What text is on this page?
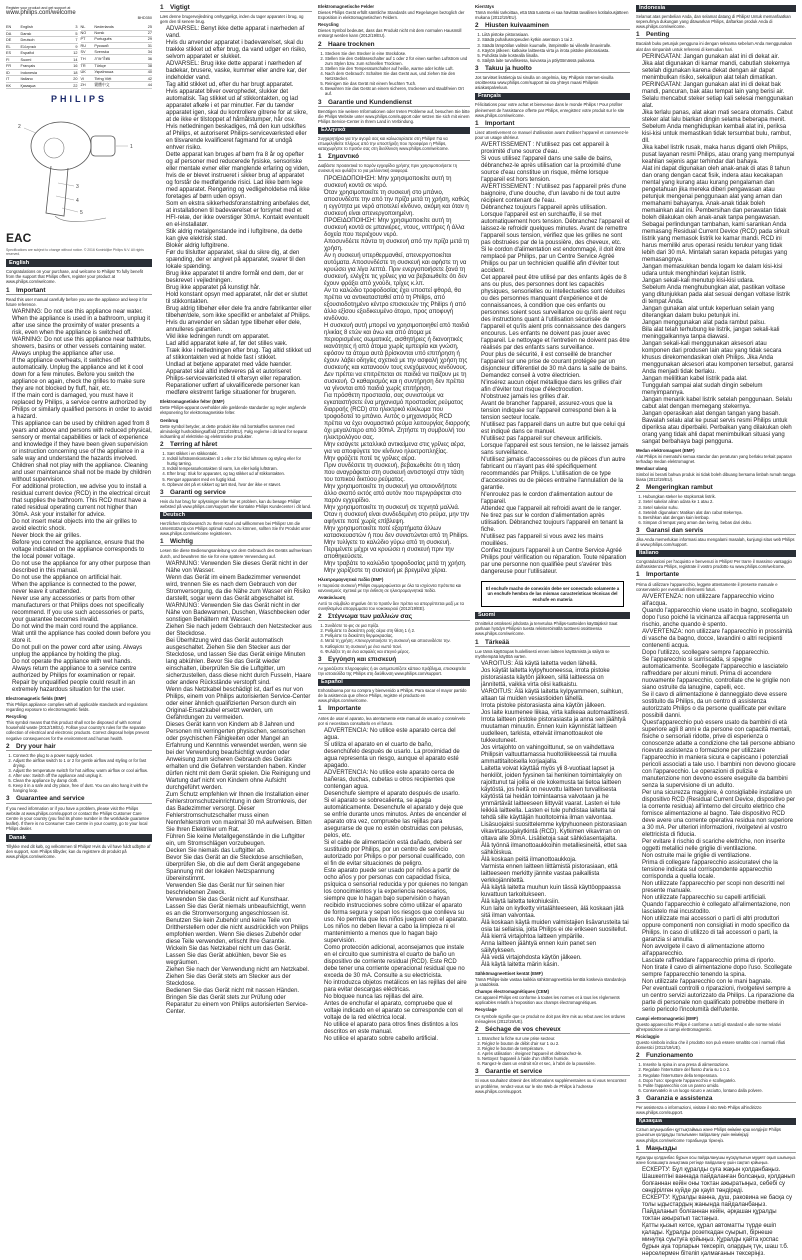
Register your product and get support at
www.philips.com/welcome
BHD350
EN	English	3
DA	Dansk	5
DE	Deutsch	7
EL	Ελληνικά	9
ES	Español	12
FI	Suomi	14
FR	Français	16
ID	Indonesia	18
IT	Italiano	20
KK	Қазақша	22
NL	Nederlands	25
NO	Norsk	27
PT	Português	29
RU	Русский	31
SV	Svenska	34
TH	ภาษาไทย	36
TR	Türkçe	38
UK	Українська	40
VI	Tiếng Việt	42
ZH	繁體中文	44
PHILIPS
1
2
3
4
5
EAC
Specifications are subject to change without notice. © 2016 Koninklijke Philips N.V. All rights reserved.
English

Congratulations on your purchase, and welcome to Philips! To fully benefit from the support that Philips offers, register your product at www.philips.com/welcome.

1 Important

Read this user manual carefully before you use the appliance and keep it for future reference.

• WARNING: Do not use this appliance near water.
• When the appliance is used in a bathroom, unplug it after use since the proximity of water presents a risk, even when the appliance is switched off.
• WARNING: Do not use this appliance near bathtubs, showers, basins or other vessels containing water.
• Always unplug the appliance after use.
• If the appliance overheats, it switches off automatically. Unplug the appliance and let it cool down for a few minutes. Before you switch the appliance on again, check the grilles to make sure they are not blocked by fluff, hair, etc.
• If the main cord is damaged, you must have it replaced by Philips, a service centre authorized by Philips or similarly qualified persons in order to avoid a hazard.
• This appliance can be used by children aged from 8 years and above and persons with reduced physical, sensory or mental capabilities or lack of experience and knowledge if they have been given supervision or instruction concerning use of the appliance in a safe way and understand the hazards involved. Children shall not play with the appliance. Cleaning and user maintenance shall not be made by children without supervision.
• For additional protection, we advise you to install a residual current device (RCD) in the electrical circuit that supplies the bathroom. This RCD must have a rated residual operating current not higher than 30mA. Ask your installer for advice.
• Do not insert metal objects into the air grilles to avoid electric shock.
• Never block the air grilles.
• Before you connect the appliance, ensure that the voltage indicated on the appliance corresponds to the local power voltage.
• Do not use the appliance for any other purpose than described in this manual.
• Do not use the appliance on artificial hair.
• When the appliance is connected to the power, never leave it unattended.
• Never use any accessories or parts from other manufacturers or that Philips does not specifically recommend. If you use such accessories or parts, your guarantee becomes invalid.
• Do not wind the main cord round the appliance.
• Wait until the appliance has cooled down before you store it.
• Do not pull on the power cord after using. Always unplug the appliance by holding the plug.
• Do not operate the appliance with wet hands.
• Always return the appliance to a service centre authorized by Philips for examination or repair. Repair by unqualified people could result in an extremely hazardous situation for the user.
Electromagnetic fields (EMF)

This Philips appliance complies with all applicable standards and regulations regarding exposure to electromagnetic fields.

Recycling

This symbol means that this product shall not be disposed of with normal household waste (2012/19/EU). Follow your country's rules for the separate collection of electrical and electronic products. Correct disposal helps prevent negative consequences for the environment and human health.

2 Dry your hair
1. Connect the plug to a power supply socket.
2. Adjust the airflow switch to 1 or 2 for gentle airflow and styling or for fast drying.
3. Adjust the temperature switch for hot airflow, warm airflow or cool airflow.
4. After use: Switch off the appliance and unplug it.
5. Clean the appliance by damp cloth.
6. Keep it in a safe and dry place, free of dust. You can also hang it with the hanging loop.
3 Guarantee and service

If you need information or if you have a problem, please visit the Philips website at www.philips.com/support or contact the Philips Customer Care Centre in your country (you find its phone number in the worldwide guarantee leaflet). If there is no Consumer Care Centre in your country, go to your local Philips dealer.

Dansk

Tillykke med dit køb, og velkommen til Philips! Hvis du vil have fuldt udbytte af den support, som Philips tilbyder, kan du registrere dit produkt på www.philips.com/welcome.

1 Vigtigt

Læs denne brugervejledning omhyggeligt, inden du tager apparatet i brug, og gem den til senere brug.

• ADVARSEL: Benyt ikke dette apparat i nærheden af vand.
• Hvis du anvender apparatet i badeværelset, skal du trække stikket ud efter brug, da vand udgør en risiko, selvom apparatet er slukket.
• ADVARSEL: Brug ikke dette apparat i nærheden af badekar, brusere, vaske, kummer eller andre kar, der indeholder vand.
• Tag altid stikket ud, efter du har brugt apparatet.
• Hvis apparatet bliver overophedet, slukker det automatisk. Tag stikket ud af stikkontakten, og lad apparatet afkøle i et par minutter. Før du tænder apparatet igen, skal du kontrollere gitrene for at sikre, at de ikke er tilstoppet af hårnålstumper, hår osv.
• Hvis netledningen beskadiges, må den kun udskiftes af Philips, et autoriseret Philips-serviceværksted eller en tilsvarende kvalificeret fagmand for at undgå enhver risiko.
• Dette apparat kan bruges af børn fra 8 år og opefter og af personer med reducerede fysiske, sensoriske eller mentale evner eller manglende erfaring og viden, hvis de er blevet instrueret i sikker brug af apparatet og forstår de medfølgende risici. Lad ikke børn lege med apparatet. Rengøring og vedligeholdelse må ikke foretages af børn uden opsyn.
• Som en ekstra sikkerhedsforanstaltning anbefales det, at installationen til badeværelset er forsynet med et HFI-relæ, der ikke overstiger 30mA. Kontakt eventuelt en el-installatør.
• Stik aldrig metalgenstande ind i luftgitrene, da dette kan give elektrisk stød.
• Blokér aldrig luftgitrene.
• Før du tilslutter apparatet, skal du sikre dig, at den spænding, der er angivet på apparatet, svarer til den lokale spænding.
• Brug ikke apparatet til andre formål end dem, der er beskrevet i vejledningen.
• Brug ikke apparatet på kunstigt hår.
• Hold konstant opsyn med apparatet, når det er sluttet til stikkontakten.
• Brug aldrig tilbehør eller dele fra andre fabrikanter eller tilbehør/dele, som ikke specifikt er anbefalet af Philips. Hvis du anvender en sådan type tilbehør eller dele, annulleres garantien.
• Vikl ikke ledningen rundt om apparatet.
• Lad altid apparatet køle af, før det stilles væk.
• Træk ikke i netledningen efter brug. Tag altid stikket ud af stikkontakten ved at holde fast i stikket.
• Undlad at betjene apparatet med våde hænder.
• Apparatet skal altid indleveres på et autoriseret Philips-serviceværksted til eftersyn eller reparation. Reparationer udført af ukvalificerede personer kan medføre ekstremt farlige situationer for brugeren.
Elektromagnetiske felter (EMF)

Dette Philips-apparat overholder alle gældende standarder og regler angående eksponering for elektromagnetiske felter.

Genbrug

Dette symbol betyder, at dette produkt ikke må bortskaffes sammen med almindeligt husholdningsaffald (2012/19/EU). Følg reglerne i dit land for separat indsamling af elektriske og elektroniske produkter.

2 Tørring af håret
1. Sæt stikket i en stikkontakt.
2. Indstil luftstrømskontakten til 1 eller 2 for blid luftstrøm og styling eller for hurtig tørring.
3. Indstil temperaturkontakten til varm, lun eller kølig luftstrøm.
4. Efter brug: Sluk for apparatet, og tag stikket ud af stikkontakten.
5. Rengør apparatet med en fugtig klud.
6. Opbevar det på et sikkert og tørt sted, hvor der ikke er støvet.
3 Garanti og service

Hvis du har brug for oplysninger eller har et problem, kan du besøge Philips' websted på www.philips.com/support eller kontakte Philips Kundecenter i dit land.

Deutsch

Herzlichen Glückwunsch zu Ihrem Kauf und willkommen bei Philips! Um die Unterstützung von Philips optimal nutzen zu können, sollten Sie Ihr Produkt unter www.philips.com/welcome registrieren.

1 Wichtig

Lesen Sie diese Bedienungsanleitung vor dem Gebrauch des Geräts aufmerksam durch, und bewahren Sie sie für eine spätere Verwendung auf.

• WARNUNG: Verwenden Sie dieses Gerät nicht in der Nähe von Wasser.
• Wenn das Gerät im einem Badezimmer verwendet wird, trennen Sie es nach dem Gebrauch von der Stromversorgung, da die Nähe zum Wasser ein Risiko darstellt, sogar wenn das Gerät abgeschaltet ist.
• WARNUNG: Verwenden Sie das Gerät nicht in der Nähe von Badewannen, Duschen, Waschbecken oder sonstigen Behältern mit Wasser.
• Ziehen Sie nach jedem Gebrauch den Netzstecker aus der Steckdose.
• Bei Überhitzung wird das Gerät automatisch ausgeschaltet. Ziehen Sie den Stecker aus der Steckdose, und lassen Sie das Gerät einige Minuten lang abkühlen. Bevor Sie das Gerät wieder einschalten, überprüfen Sie die Luftgitter, um sicherzustellen, dass diese nicht durch Fusseln, Haare oder andere Rückstände verstopft sind.
• Wenn das Netzkabel beschädigt ist, darf es nur von Philips, einem von Philips autorisierten Service-Center oder einer ähnlich qualifizierten Person durch ein Original-Ersatzkabel ersetzt werden, um Gefährdungen zu vermeiden.
• Dieses Gerät kann von Kindern ab 8 Jahren und Personen mit verringerten physischen, sensorischen oder psychischen Fähigkeiten oder Mangel an Erfahrung und Kenntnis verwendet werden, wenn sie bei der Verwendung beaufsichtigt wurden oder Anweisung zum sicheren Gebrauch des Geräts erhalten und die Gefahren verstanden haben. Kinder dürfen nicht mit dem Gerät spielen. Die Reinigung und Wartung darf nicht von Kindern ohne Aufsicht durchgeführt werden.
• Zum Schutz empfehlen wir Ihnen die Installation einer Fehlerstromschutzeinrichtung in dem Stromkreis, der das Badezimmer versorgt. Dieser Fehlerstromschutzschalter muss einen Nennfehlerstrom von maximal 30 mA aufweisen. Bitten Sie Ihren Elektriker um Rat.
• Führen Sie keine Metallgegenstände in die Luftgitter ein, um Stromschlägen vorzubeugen.
• Decken Sie niemals das Luftgitter ab.
• Bevor Sie das Gerät an die Steckdose anschließen, überprüfen Sie, ob die auf dem Gerät angegebene Spannung mit der lokalen Netzspannung übereinstimmt.
• Verwenden Sie das Gerät nur für seinen hier beschriebenen Zweck.
• Verwenden Sie das Gerät nicht auf Kunsthaar.
• Lassen Sie das Gerät niemals unbeaufsichtigt, wenn es an die Stromversorgung angeschlossen ist.
• Benutzen Sie kein Zubehör und keine Teile von Drittherstellern oder die nicht ausdrücklich von Philips empfohlen werden. Wenn Sie dieses Zubehör oder diese Teile verwenden, erlischt Ihre Garantie.
• Wickeln Sie das Netzkabel nicht um das Gerät.
• Lassen Sie das Gerät abkühlen, bevor Sie es wegräumen.
• Ziehen Sie nach der Verwendung nicht am Netzkabel. Ziehen Sie das Gerät stets am Stecker aus der Steckdose.
• Bedienen Sie das Gerät nicht mit nassen Händen.
• Bringen Sie das Gerät stets zur Prüfung oder Reparatur zu einem von Philips autorisierten Service-Center.
Elektromagnetische Felder

Dieses Philips Gerät erfüllt sämtliche Standards und Regelungen bezüglich der Exposition in elektromagnetischen Feldern.

Recycling

Dieses Symbol bedeutet, dass das Produkt nicht mit dem normalen Hausmüll entsorgt werden kann (2012/19/EU).

2 Haare trocknen
1. Stecken Sie den Stecker in eine Steckdose.
2. Stellen Sie den Gebläseschalter auf 1 oder 2 für einen sanften Luftstrom und zum Stylen bzw. zum schnellen Trocknen.
3. Stellen Sie den Temperaturschalter auf heiße, warme oder kühle Luft.
4. Nach dem Gebrauch: Schalten Sie das Gerät aus, und ziehen Sie den Netzstecker.
5. Reinigen Sie das Gerät mit einem feuchten Tuch.
6. Bewahren Sie das Gerät an einem sicheren, trockenen und staubfreien Ort auf.
3 Garantie und Kundendienst

Benötigen Sie weitere Informationen oder treten Probleme auf, besuchen Sie bitte die Philips Website unter www.philips.com/support oder setzen Sie sich mit einem Philips Service-Center in Ihrem Land in Verbindung.

Ελληνικά

Συγχαρητήρια για την αγορά σας και καλωσορίσατε στη Philips! Για να επωφεληθείτε πλήρως από την υποστήριξη που προσφέρει η Philips, καταχωρήστε το προϊόν σας στη διεύθυνση www.philips.com/welcome.

1 Σημαντικό

Διαβάστε προσεκτικά το παρόν εγχειρίδιο χρήσης πριν χρησιμοποιήσετε τη συσκευή και φυλάξτε το για μελλοντική αναφορά.

• ΠΡΟΕΙΔΟΠΟΙΗΣΗ: Μην χρησιμοποιείτε αυτή τη συσκευή κοντά σε νερό.
• Όταν χρησιμοποιείτε τη συσκευή στο μπάνιο, αποσυνδέστε την από την πρίζα μετά τη χρήση, καθώς η εγγύτητα με νερό αποτελεί κίνδυνο, ακόμη και όταν η συσκευή είναι απενεργοποιημένη.
• ΠΡΟΕΙΔΟΠΟΙΗΣΗ: Μην χρησιμοποιείτε αυτή τη συσκευή κοντά σε μπανιέρες, ντους, νιπτήρες ή άλλα δοχεία που περιέχουν νερό.
• Αποσυνδέετε πάντα τη συσκευή από την πρίζα μετά τη χρήση.
• Αν η συσκευή υπερθερμανθεί, απενεργοποιείται αυτόματα. Αποσυνδέστε τη συσκευή και αφήστε τη να κρυώσει για λίγα λεπτά. Πριν ενεργοποιήσετε ξανά τη συσκευή, ελέγξτε τις γρίλιες για να βεβαιωθείτε ότι δεν έχουν φράξει από χνούδι, τρίχες κ.λπ.
• Αν το καλώδιο τροφοδοσίας έχει υποστεί φθορά, θα πρέπει να αντικατασταθεί από τη Philips, από εξουσιοδοτημένο κέντρο επισκευών της Philips ή από άλλο εξίσου εξειδικευμένο άτομο, προς αποφυγή κινδύνου.
• Η συσκευή αυτή μπορεί να χρησιμοποιηθεί από παιδιά ηλικίας 8 ετών και άνω και από άτομα με περιορισμένες σωματικές, αισθητήριες ή διανοητικές ικανότητες ή από άτομα χωρίς εμπειρία και γνώση, εφόσον τα άτομα αυτά βρίσκονται υπό επιτήρηση ή έχουν λάβει οδηγίες σχετικά με την ασφαλή χρήση της συσκευής και κατανοούν τους ενεχόμενους κινδύνους. Δεν πρέπει να επιτρέπεται σε παιδιά να παίζουν με τη συσκευή. Ο καθαρισμός και η συντήρηση δεν πρέπει να γίνονται από παιδιά χωρίς επιτήρηση.
• Για πρόσθετη προστασία, σας συνιστούμε να εγκαταστήσετε ένα μηχανισμό προστασίας ρεύματος διαρροής (RCD) στο ηλεκτρικό κύκλωμα που τροφοδοτεί το μπάνιο. Αυτός ο μηχανισμός RCD πρέπει να έχει ονομαστικό ρεύμα λειτουργίας διαρροής όχι μεγαλύτερο από 30mA. Ζητήστε τη συμβουλή του ηλεκτρολόγου σας.
• Μην εισάγετε μεταλλικά αντικείμενα στις γρίλιες αέρα, για να αποφύγετε τον κίνδυνο ηλεκτροπληξίας.
• Μην φράζετε ποτέ τις γρίλιες αέρα.
• Πριν συνδέσετε τη συσκευή, βεβαιωθείτε ότι η τάση που αναγράφεται στη συσκευή αντιστοιχεί στην τάση του τοπικού δικτύου ρεύματος.
• Μην χρησιμοποιείτε τη συσκευή για οποιονδήποτε άλλο σκοπό εκτός από αυτόν που περιγράφεται στο παρόν εγχειρίδιο.
• Μην χρησιμοποιείτε τη συσκευή σε τεχνητά μαλλιά.
• Όταν η συσκευή είναι συνδεδεμένη στο ρεύμα, μην την αφήνετε ποτέ χωρίς επίβλεψη.
• Μην χρησιμοποιείτε ποτέ εξαρτήματα άλλων κατασκευαστών ή που δεν συνιστώνται από τη Philips.
• Μην τυλίγετε το καλώδιο γύρω από τη συσκευή.
• Περιμένετε μέχρι να κρυώσει η συσκευή πριν την αποθηκεύσετε.
• Μην τραβάτε το καλώδιο τροφοδοσίας μετά τη χρήση.
• Μην χειρίζεστε τη συσκευή με βρεγμένα χέρια.
Ηλεκτρομαγνητικά πεδία (EMF)

Η παρούσα συσκευή Philips συμμορφώνεται με όλα τα ισχύοντα πρότυπα και κανονισμούς σχετικά με την έκθεση σε ηλεκτρομαγνητικά πεδία.

Ανακύκλωση

Αυτό το σύμβολο σημαίνει ότι το προϊόν δεν πρέπει να απορρίπτεται μαζί με τα συνηθισμένα απορρίμματα του νοικοκυριού (2012/19/ΕΕ).

2 Στέγνωμα των μαλλιών σας
1. Συνδέστε το φις σε μια πρίζα.
2. Ρυθμίστε το διακόπτη ροής αέρα στη θέση 1 ή 2.
3. Ρυθμίστε το διακόπτη θερμοκρασίας.
4. Μετά τη χρήση: Απενεργοποιήστε τη συσκευή και αποσυνδέστε την.
5. Καθαρίστε τη συσκευή με ένα νωπό πανί.
6. Φυλάξτε τη σε ένα ασφαλές και στεγνό μέρος.
3 Εγγύηση και επισκευή

Αν χρειάζεστε πληροφορίες ή αν αντιμετωπίζετε κάποιο πρόβλημα, επισκεφτείτε την ιστοσελίδα της Philips στη διεύθυνση www.philips.com/support.

Español

Enhorabuena por su compra y bienvenido a Philips. Para sacar el mayor partido de la asistencia que ofrece Philips, registre el producto en www.philips.com/welcome.

1 Importante

Antes de usar el aparato, lea atentamente este manual de usuario y consérvelo por si necesitara consultarlo en el futuro.

• ADVERTENCIA: No utilice este aparato cerca del agua.
• Si utiliza el aparato en el cuarto de baño, desenchúfelo después de usarlo. La proximidad de agua representa un riesgo, aunque el aparato esté apagado.
• ADVERTENCIA: No utilice este aparato cerca de bañeras, duchas, cubetas u otros recipientes que contengan agua.
• Desenchufe siempre el aparato después de usarlo.
• Si el aparato se sobrecalienta, se apaga automáticamente. Desenchufe el aparato y deje que se enfríe durante unos minutos. Antes de encender el aparato otra vez, compruebe las rejillas para asegurarse de que no estén obstruidas con pelusas, pelos, etc.
• Si el cable de alimentación está dañado, deberá ser sustituido por Philips, por un centro de servicio autorizado por Philips o por personal cualificado, con el fin de evitar situaciones de peligro.
• Este aparato puede ser usado por niños a partir de ocho años y por personas con capacidad física, psíquica o sensorial reducida y por quienes no tengan los conocimientos y la experiencia necesarios, siempre que lo hagan bajo supervisión o hayan recibido instrucciones sobre cómo utilizar el aparato de forma segura y sepan los riesgos que conlleva su uso. No permita que los niños jueguen con el aparato. Los niños no deben llevar a cabo la limpieza ni el mantenimiento a menos que lo hagan bajo supervisión.
• Como protección adicional, aconsejamos que instale en el circuito que suministra el cuarto de baño un dispositivo de corriente residual (RCD). Este RCD debe tener una corriente operacional residual que no exceda de 30 mA. Consulte a su electricista.
• No introduzca objetos metálicos en las rejillas del aire para evitar descargas eléctricas.
• No bloquee nunca las rejillas del aire.
• Antes de enchufar el aparato, compruebe que el voltaje indicado en el aparato se corresponde con el voltaje de la red eléctrica local.
• No utilice el aparato para otros fines distintos a los descritos en este manual.
• No utilice el aparato sobre cabello artificial.
Kierrätys

Tämä merkki tarkoittaa, että tätä tuotetta ei saa hävittää tavallisen kotitalousjätteen mukana (2012/19/EU).

2 Hiusten kuivaaminen
1. Liitä pistoke pistorasiaan.
2. Säädä puhallusnopeuden kytkin asentoon 1 tai 2.
3. Säädä lämpötilan valitsin kuumalle, lämpimälle tai viileälle ilmavirralle.
4. Käytön jälkeen: katkaise laitteesta virta ja irrota pistoke pistorasiasta.
5. Puhdista laite kostealla liinalla.
6. Säilytä laite turvallisessa, kuivassa ja pölyttömässä paikassa.
3 Takuu ja huolto

Jos tarvitset lisätietoja tai sinulla on ongelmia, käy Philipsin Internet-sivuilla osoitteessa www.philips.com/support tai ota yhteys maasi Philipsin asiakaspalveluun.

Français

Félicitations pour votre achat et bienvenue dans le monde Philips ! Pour profiter pleinement de l'assistance offerte par Philips, enregistrez votre produit sur le site www.philips.com/welcome.

1 Important

Lisez attentivement ce manuel d'utilisation avant d'utiliser l'appareil et conservez-le pour un usage ultérieur.

• AVERTISSEMENT : N'utilisez pas cet appareil à proximité d'une source d'eau.
• Si vous utilisez l'appareil dans une salle de bains, débranchez-le après utilisation car la proximité d'une source d'eau constitue un risque, même lorsque l'appareil est hors tension.
• AVERTISSEMENT : N'utilisez pas l'appareil près d'une baignoire, d'une douche, d'un lavabo ni de tout autre récipient contenant de l'eau.
• Débranchez toujours l'appareil après utilisation.
• Lorsque l'appareil est en surchauffe, il se met automatiquement hors tension. Débranchez l'appareil et laissez-le refroidir quelques minutes. Avant de remettre l'appareil sous tension, vérifiez que les grilles ne sont pas obstruées par de la poussière, des cheveux, etc.
• Si le cordon d'alimentation est endommagé, il doit être remplacé par Philips, par un Centre Service Agréé Philips ou par un technicien qualifié afin d'éviter tout accident.
• Cet appareil peut être utilisé par des enfants âgés de 8 ans ou plus, des personnes dont les capacités physiques, sensorielles ou intellectuelles sont réduites ou des personnes manquant d'expérience et de connaissances, à condition que ces enfants ou personnes soient sous surveillance ou qu'ils aient reçu des instructions quant à l'utilisation sécurisée de l'appareil et qu'ils aient pris connaissance des dangers encourus. Les enfants ne doivent pas jouer avec l'appareil. Le nettoyage et l'entretien ne doivent pas être réalisés par des enfants sans surveillance.
• Pour plus de sécurité, il est conseillé de brancher l'appareil sur une prise de courant protégée par un disjoncteur différentiel de 30 mA dans la salle de bains. Demandez conseil à votre électricien.
• N'insérez aucun objet métallique dans les grilles d'air afin d'éviter tout risque d'électrocution.
• N'obstruez jamais les grilles d'air.
• Avant de brancher l'appareil, assurez-vous que la tension indiquée sur l'appareil correspond bien à la tension secteur locale.
• N'utilisez pas l'appareil dans un autre but que celui qui est indiqué dans ce manuel.
• N'utilisez pas l'appareil sur cheveux artificiels.
• Lorsque l'appareil est sous tension, ne le laissez jamais sans surveillance.
• N'utilisez jamais d'accessoires ou de pièces d'un autre fabricant ou n'ayant pas été spécifiquement recommandés par Philips. L'utilisation de ce type d'accessoires ou de pièces entraîne l'annulation de la garantie.
• N'enroulez pas le cordon d'alimentation autour de l'appareil.
• Attendez que l'appareil ait refroidi avant de le ranger.
• Ne tirez pas sur le cordon d'alimentation après utilisation. Débranchez toujours l'appareil en tenant la fiche.
• N'utilisez pas l'appareil si vous avez les mains mouillées.
• Confiez toujours l'appareil à un Centre Service Agréé Philips pour vérification ou réparation. Toute réparation par une personne non qualifiée peut s'avérer très dangereuse pour l'utilisateur.
El enchufe macho de conexión debe ser conectado solamente a un enchufe hembra de las mismas características técnicas del enchufe en materia
Suomi

Onnittelut ostoksesi johdosta ja tervetuloa Philips-tuotteiden käyttäjäksi! Saat parhaan hyödyn Philipsin tuesta rekisteröimällä tuotteesi osoitteessa www.philips.com/welcome.

1 Tärkeää

Lue tämä käyttöopas huolellisesti ennen laitteen käyttämistä ja säilytä se myöhempää käyttöä varten.

• VAROITUS: Älä käytä laitetta veden lähellä.
• Jos käytät laitetta kylpyhuoneessa, irrota pistoke pistorasiasta käytön jälkeen, sillä laitteessa on jännitettä, vaikka virta olisi katkaistu.
• VAROITUS: Älä käytä laitetta kylpyammeen, suihkun, altaan tai muiden vesiastioiden lähellä.
• Irrota pistoke pistorasiasta aina käytön jälkeen.
• Jos laite kuumenee liikaa, virta katkeaa automaattisesti. Irrota laitteen pistoke pistorasiasta ja anna sen jäähtyä muutaman minuutin. Ennen kuin käynnistät laitteen uudelleen, tarkista, etteivät ilmanottoaukot ole tukkeutuneet.
• Jos virtajohto on vahingoittunut, se on vaihdettava Philipsin valtuuttamassa huoltoliikkeessä tai muulla ammattitaitoisella korjaajalla.
• Laitetta voivat käyttää myös yli 8-vuotiaat lapset ja henkilöt, joiden fyysinen tai henkinen toimintakyky on rajoittunut tai joilla ei ole kokemusta tai tietoa laitteen käytöstä, jos heitä on neuvottu laitteen turvallisesta käytöstä tai heidän toimintaansa valvotaan ja he ymmärtävät laitteeseen liittyvät vaarat. Lasten ei tule leikkiä laitteella. Lasten ei tule puhdistaa laitetta tai tehdä sille käyttäjän huoltotoimia ilman valvontaa.
• Lisäsuojaksi suosittelemme kylpyhuoneen pistorasiaan vikavirtasuojakytkintä (RCD). Kytkimen vikavirran on oltava alle 30mA. Lisätietoja saat sähköasentajalta.
• Älä työnnä ilmanottoaukkoihin metalliesineitä, ettet saa sähköiskua.
• Älä koskaan peitä ilmanottoaukkoja.
• Varmista ennen laitteen liittämistä pistorasiaan, että laitteeseen merkitty jännite vastaa paikallista verkkojännitettä.
• Älä käytä laitetta muuhun kuin tässä käyttöoppaassa kuvattuun tarkoitukseen.
• Älä käytä laitetta tekohiuksiin.
• Kun laite on kytketty virtalähteeseen, älä koskaan jätä sitä ilman valvontaa.
• Älä koskaan käytä muiden valmistajien lisävarusteita tai osia tai sellaisia, joita Philips ei ole erikseen suositellut.
• Älä kierrä virtajohtoa laitteen ympärille.
• Anna laitteen jäähtyä ennen kuin panet sen säilytykseen.
• Älä vedä virtajohdosta käytön jälkeen.
• Älä käytä laitetta märin käsin.
Sähkömagneettiset kentät (EMF)

Tämä Philips-laite vastaa kaikkia sähkömagneettisia kenttiä koskevia standardeja ja säädöksiä.

Champs électromagnétiques (CEM)

Cet appareil Philips est conforme à toutes les normes et à tous les règlements applicables relatifs à l'exposition aux champs électromagnétiques.

Recyclage

Ce symbole signifie que ce produit ne doit pas être mis au rebut avec les ordures ménagères (2012/19/UE).

2 Séchage de vos cheveux
1. Branchez la fiche sur une prise secteur.
2. Réglez le bouton de débit d'air sur 1 ou 2.
3. Réglez le bouton de température.
4. Après utilisation : éteignez l'appareil et débranchez-le.
5. Nettoyez l'appareil à l'aide d'un chiffon humide.
6. Rangez-le dans un endroit sûr et sec, à l'abri de la poussière.
3 Garantie et service

Si vous souhaitez obtenir des informations supplémentaires ou si vous rencontrez un problème, rendez-vous sur le site Web de Philips à l'adresse www.philips.com/support.

Indonesia

Selamat atas pembelian Anda, dan selamat datang di Philips! Untuk memanfaatkan sepenuhnya dukungan yang ditawarkan Philips, daftarkan produk Anda di www.philips.com/welcome.

1 Penting

Bacalah buku petunjuk pengguna ini dengan seksama sebelum Anda menggunakan alat dan simpanlah untuk referensi di kemudian hari.

• PERINGATAN: Jangan gunakan alat ini di dekat air.
• Jika alat digunakan di kamar mandi, cabutlah stekernya setelah digunakan karena dekat dengan air dapat menimbulkan risiko, sekalipun alat telah dimatikan.
• PERINGATAN: Jangan gunakan alat ini di dekat bak mandi, pancuran, bak atau tempat lain yang berisi air.
• Selalu mencabut steker setiap kali selesai menggunakan alat.
• Jika terlalu panas, alat akan mati secara otomatis. Cabut steker alat lalu biarkan dingin selama beberapa menit. Sebelum Anda menghidupkan kembali alat ini, periksa kisi-kisi untuk memastikan tidak tersumbat bulu, rambut, dll.
• Jika kabel listrik rusak, maka harus diganti oleh Philips, pusat layanan resmi Philips, atau orang yang mempunyai keahlian sejenis agar terhindar dari bahaya.
• Alat ini dapat digunakan oleh anak-anak di atas 8 tahun dan orang dengan cacat fisik, indera atau kecakapan mental yang kurang atau kurang pengalaman dan pengetahuan jika mereka diberi pengawasan atau petunjuk mengenai penggunaan alat yang aman dan memahami bahayanya. Anak-anak tidak boleh memainkan alat ini. Pembersihan dan perawatan tidak boleh dilakukan oleh anak-anak tanpa pengawasan.
• Sebagai perlindungan tambahan, kami sarankan Anda memasang Residual Current Device (RCD) pada sirkuit listrik yang memasok listrik ke kamar mandi. RCD ini harus memiliki arus operasi residu terukur yang tidak lebih dari 30 mA. Mintalah saran kepada petugas yang memasangnya.
• Jangan memasukkan benda logam ke dalam kisi-kisi udara untuk menghindari kejutan listrik.
• Jangan sekali-kali menutup kisi-kisi udara.
• Sebelum Anda menghubungkan alat, pastikan voltase yang ditunjukkan pada alat sesuai dengan voltase listrik di tempat Anda.
• Jangan gunakan alat untuk keperluan selain yang diterangkan dalam buku petunjuk ini.
• Jangan menggunakan alat pada rambut palsu.
• Bila alat telah terhubung ke listrik, jangan sekali-kali meninggalkannya tanpa diawasi.
• Jangan sekali-kali menggunakan aksesori atau komponen dari produsen lain atau yang tidak secara khusus direkomendasikan oleh Philips. Jika Anda menggunakan aksesori atau komponen tersebut, garansi Anda menjadi tidak berlaku.
• Jangan melilitkan kabel listrik pada alat.
• Tunggulah sampai alat sudah dingin sebelum menyimpannya.
• Jangan menarik kabel listrik setelah penggunaan. Selalu cabut alat dengan memegang stekernya.
• Jangan operasikan alat dengan tangan yang basah.
• Bawalah selalu alat ke pusat servis resmi Philips untuk diperiksa atau diperbaiki. Perbaikan yang dilakukan oleh orang yang tidak ahli dapat menimbulkan situasi yang sangat berbahaya bagi pengguna.
Medan elektromagnet (EMF)

Alat Philips ini mematuhi semua standar dan peraturan yang berlaku terkait paparan terhadap medan elektromagnet.

Mendaur ulang

Simbol ini berarti bahwa produk ini tidak boleh dibuang bersama limbah rumah tangga biasa (2012/19/EU).

2 Mengeringkan rambut
1. Hubungkan steker ke stopkontak listrik.
2. Setel sakelar aliran udara ke 1 atau 2.
3. Setel sakelar suhu.
4. Setelah digunakan: Matikan alat dan cabut stekernya.
5. Bersihkan alat dengan kain lembap.
6. Simpan di tempat yang aman dan kering, bebas dari debu.
3 Garansi dan servis

Jika Anda memerlukan informasi atau mengalami masalah, kunjungi situs web Philips di www.philips.com/support.

Italiano

Congratulazioni per l'acquisto e benvenuti in Philips! Per trarre il massimo vantaggio dall'assistenza Philips, registrate il vostro prodotto su www.philips.com/welcome.

1 Importante

Prima di utilizzare l'apparecchio, leggete attentamente il presente manuale e conservatelo per eventuali riferimenti futuri.

• AVVERTENZA: non utilizzare l'apparecchio vicino all'acqua.
• Quando l'apparecchio viene usato in bagno, scollegatelo dopo l'uso poiché la vicinanza all'acqua rappresenta un rischio, anche quando è spento.
• AVVERTENZA: non utilizzare l'apparecchio in prossimità di vasche da bagno, docce, lavandini o altri recipienti contenenti acqua.
• Dopo l'utilizzo, scollegare sempre l'apparecchio.
• Se l'apparecchio si surriscalda, si spegne automaticamente. Scollegate l'apparecchio e lasciatelo raffreddare per alcuni minuti. Prima di accendere nuovamente l'apparecchio, controllate che le griglie non siano ostruite da lanugine, capelli, ecc.
• Se il cavo di alimentazione è danneggiato deve essere sostituito da Philips, da un centro di assistenza autorizzato Philips o da persone qualificate per evitare possibili danni.
• Quest'apparecchio può essere usato da bambini di età superiore agli 8 anni e da persone con capacità mentali, fisiche o sensoriali ridotte, prive di esperienza o conoscenze adatte a condizione che tali persone abbiano ricevuto assistenza o formazione per utilizzare l'apparecchio in maniera sicura e capiscano i potenziali pericoli associati a tale uso. I bambini non devono giocare con l'apparecchio. Le operazioni di pulizia e manutenzione non devono essere eseguite da bambini senza la supervisione di un adulto.
• Per una sicurezza maggiore, è consigliabile installare un dispositivo RCD (Residual Current Device, dispositivo per la corrente residua) all'interno del circuito elettrico che fornisce alimentazione al bagno. Tale dispositivo RCD deve avere una corrente operativa residua non superiore a 30 mA. Per ulteriori informazioni, rivolgetevi al vostro elettricista di fiducia.
• Per evitare il rischio di scariche elettriche, non inserite oggetti metallici nelle griglie di ventilazione.
• Non ostruite mai le griglie di ventilazione.
• Prima di collegare l'apparecchio assicuratevi che la tensione indicata sul corrispondente apparecchio corrisponda a quella locale.
• Non utilizzate l'apparecchio per scopi non descritti nel presente manuale.
• Non utilizzate l'apparecchio su capelli artificiali.
• Quando l'apparecchio è collegato all'alimentazione, non lasciatelo mai incustodito.
• Non utilizzate mai accessori o parti di altri produttori oppure componenti non consigliati in modo specifico da Philips. In caso di utilizzo di tali accessori o parti, la garanzia si annulla.
• Non avvolgete il cavo di alimentazione attorno all'apparecchio.
• Lasciate raffreddare l'apparecchio prima di riporlo.
• Non tirate il cavo di alimentazione dopo l'uso. Scollegate sempre l'apparecchio tenendo la spina.
• Non utilizzate l'apparecchio con le mani bagnate.
• Per eventuali controlli o riparazioni, rivolgetevi sempre a un centro servizi autorizzato da Philips. La riparazione da parte di personale non qualificato potrebbe mettere in serio pericolo l'incolumità dell'utente.
Campi elettromagnetici (EMF)

Questo apparecchio Philips è conforme a tutti gli standard e alle norme relativi all'esposizione ai campi elettromagnetici.

Riciclaggio

Questo simbolo indica che il prodotto non può essere smaltito con i normali rifiuti domestici (2012/19/UE).

2 Funzionamento
1. Inserite la spina in una presa di alimentazione.
2. Regolate l'interruttore del flusso d'aria su 1 o 2.
3. Regolate l'interruttore della temperatura.
4. Dopo l'uso: spegnete l'apparecchio e scollegatelo.
5. Pulite l'apparecchio con un panno umido.
6. Conservatelo in un luogo sicuro e asciutto, lontano dalla polvere.
3 Garanzia e assistenza

Per assistenza o informazioni, visitate il sito Web Philips all'indirizzo www.philips.com/support.

Қазақша

Сатып алуыңызбен құттықтаймыз және Philips өніміне қош келдіңіз! Philips ұсынатын қолдауды толығымен пайдалану үшін өніміңізді www.philips.com/welcome торабында тіркеңіз.

1 Маңызды

Құралды қолданбас бұрын осы пайдаланушы нұсқаулығын мұқият оқып шығыңыз және болашақта анықтама ретінде пайдалану үшін сақтап қойыңыз.

• ЕСКЕРТУ: Бұл құралды суға жақын қолданбаңыз.
• Шашкептіні ваннада пайдаланған болсаңыз, қолданып болғаннан кейін оны токтан ажыратыңыз, себебі су сөндірілген күйде де қауіп төндіреді.
• ЕСКЕРТУ: Құралды ванна, душ, раковина не басқа су толы ыдыстардың жанында пайдаланбаңыз.
• Пайдаланып болғаннан кейін, әрқашан құралды токтан ажыратып тастаңыз.
• Қатты қызып кетсе, құрал автоматты түрде өшіп қалады. Құралды розеткадан суырып, бірнеше минутқа суытуға қойыңыз. Құралды қайта қоспас бұрын ауа торларын тексеріп, олардың түк, шаш т.б. нәрселермен бітеліп қалмағанын тексеріңіз.
